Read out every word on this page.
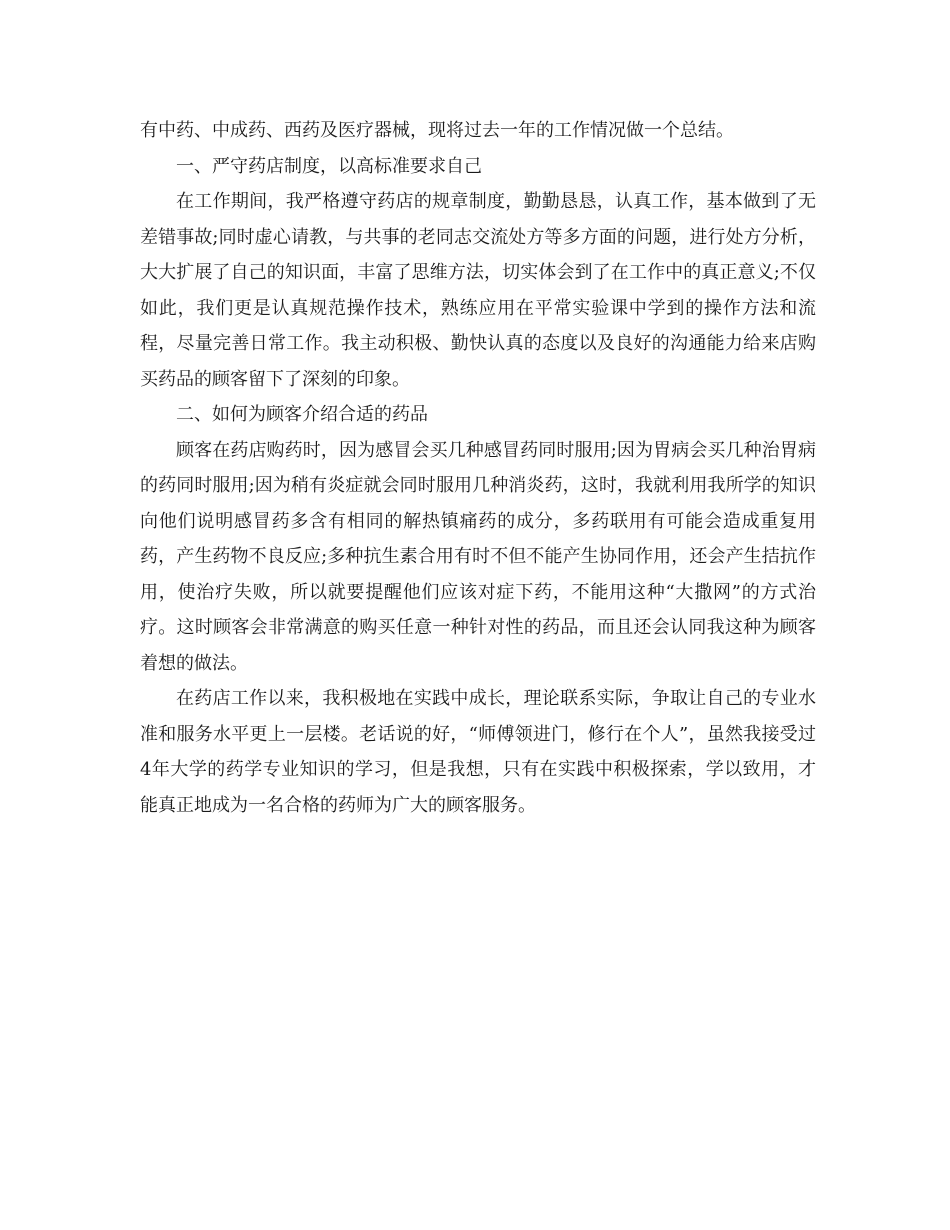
有中药、中成药、西药及医疗器械，现将过去一年的工作情况做一个总结。

一、严守药店制度，以高标准要求自己

在工作期间，我严格遵守药店的规章制度，勤勤恳恳，认真工作，基本做到了无差错事故;同时虚心请教，与共事的老同志交流处方等多方面的问题，进行处方分析，大大扩展了自己的知识面，丰富了思维方法，切实体会到了在工作中的真正意义;不仅如此，我们更是认真规范操作技术，熟练应用在平常实验课中学到的操作方法和流程，尽量完善日常工作。我主动积极、勤快认真的态度以及良好的沟通能力给来店购买药品的顾客留下了深刻的印象。

二、如何为顾客介绍合适的药品

顾客在药店购药时，因为感冒会买几种感冒药同时服用;因为胃病会买几种治胃病的药同时服用;因为稍有炎症就会同时服用几种消炎药，这时，我就利用我所学的知识向他们说明感冒药多含有相同的解热镇痛药的成分，多药联用有可能会造成重复用药，产生药物不良反应;多种抗生素合用有时不但不能产生协同作用，还会产生拮抗作用，使治疗失败，所以就要提醒他们应该对症下药，不能用这种“大撒网”的方式治疗。这时顾客会非常满意的购买任意一种针对性的药品，而且还会认同我这种为顾客着想的做法。

在药店工作以来，我积极地在实践中成长，理论联系实际，争取让自己的专业水准和服务水平更上一层楼。老话说的好，“师傅领进门，修行在个人”，虽然我接受过4年大学的药学专业知识的学习，但是我想，只有在实践中积极探索，学以致用，才能真正地成为一名合格的药师为广大的顾客服务。
